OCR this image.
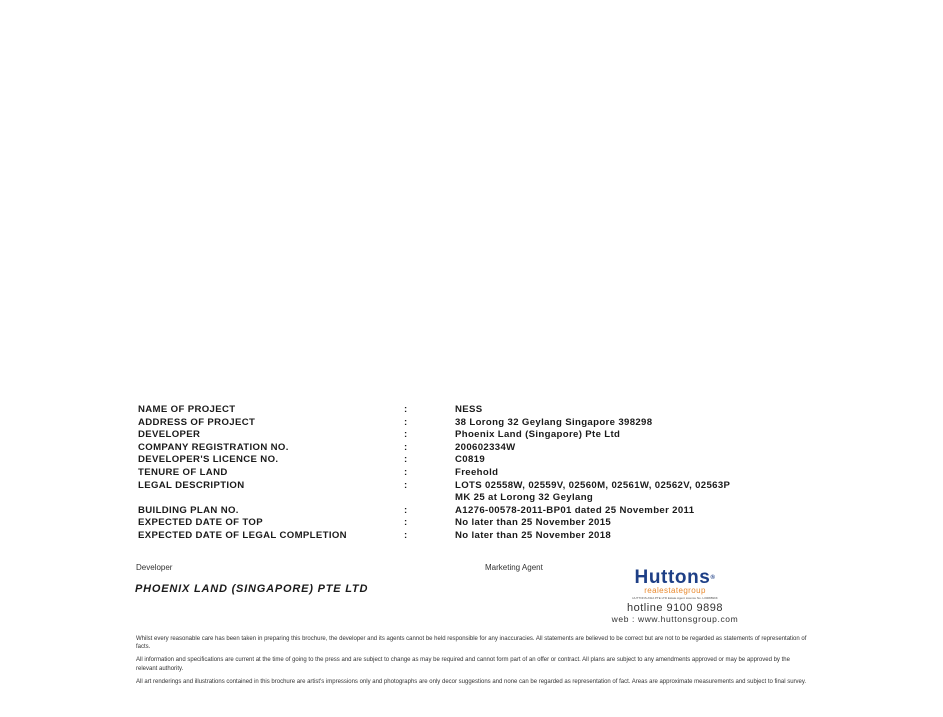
NAME OF PROJECT	:	NESS
ADDRESS OF PROJECT	:	38 Lorong 32 Geylang Singapore 398298
DEVELOPER	:	Phoenix Land (Singapore) Pte Ltd
COMPANY REGISTRATION NO.	:	200602334W
DEVELOPER'S LICENCE NO.	:	C0819
TENURE OF LAND	:	Freehold
LEGAL DESCRIPTION	:	LOTS 02558W, 02559V, 02560M, 02561W, 02562V, 02563P
MK 25 at Lorong 32 Geylang
BUILDING PLAN NO.	:	A1276-00578-2011-BP01 dated 25 November 2011
EXPECTED DATE OF TOP	:	No later than 25 November 2015
EXPECTED DATE OF LEGAL COMPLETION	:	No later than 25 November 2018
Developer
PHOENIX LAND (SINGAPORE) PTE LTD
Marketing Agent	Huttons®
realestategroup
HUTTONS ASIA PTE LTD Estate Agent Licence No. L3008899K
hotline 9100 9898
web : www.huttonsgroup.com

Whilst every reasonable care has been taken in preparing this brochure, the developer and its agents cannot be held responsible for any inaccuracies. All statements are believed to be correct but are not to be regarded as statements of representation of facts.

All information and specifications are current at the time of going to the press and are subject to change as may be required and cannot form part of an offer or contract. All plans are subject to any amendments approved or may be approved by the relevant authority.

All art renderings and illustrations contained in this brochure are artist's impressions only and photographs are only decor suggestions and none can be regarded as representation of fact. Areas are approximate measurements and subject to final survey.
